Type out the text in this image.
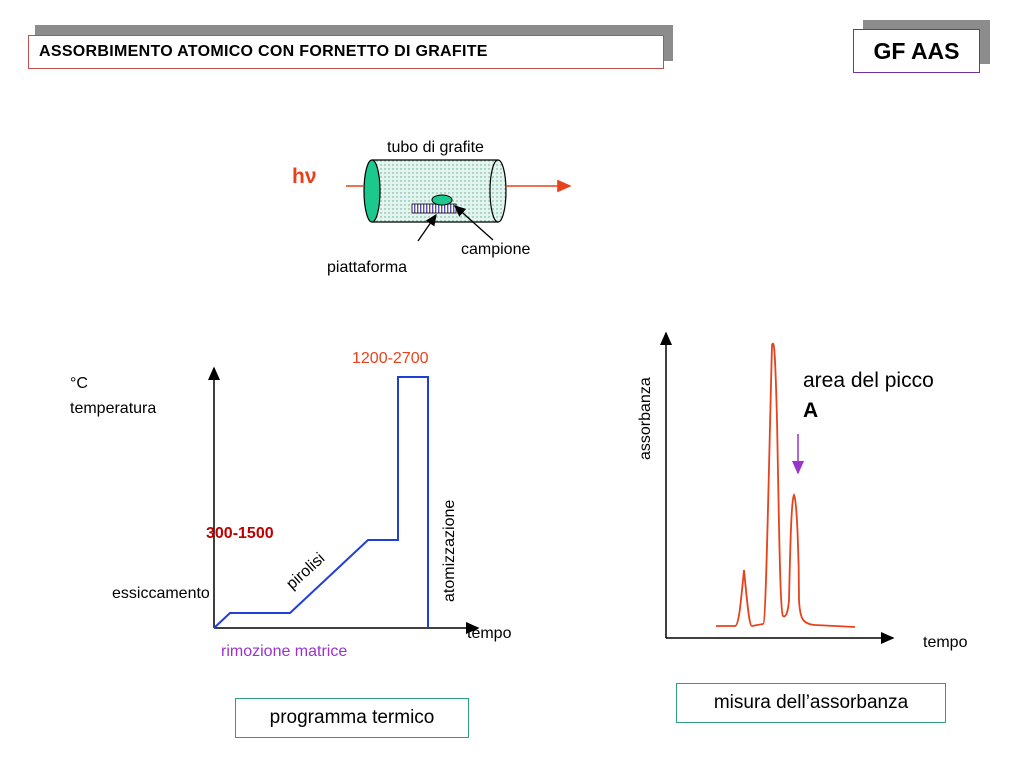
ASSORBIMENTO ATOMICO CON FORNETTO DI GRAFITE	GF AAS
hν
tubo di grafite
piattaforma
campione
°C
temperatura
tempo
1200-2700
300-1500
essiccamento
pirolisi	atomizzazione
rimozione matrice
assorbanza
tempo
area del picco
A
programma termico
misura dell’assorbanza
